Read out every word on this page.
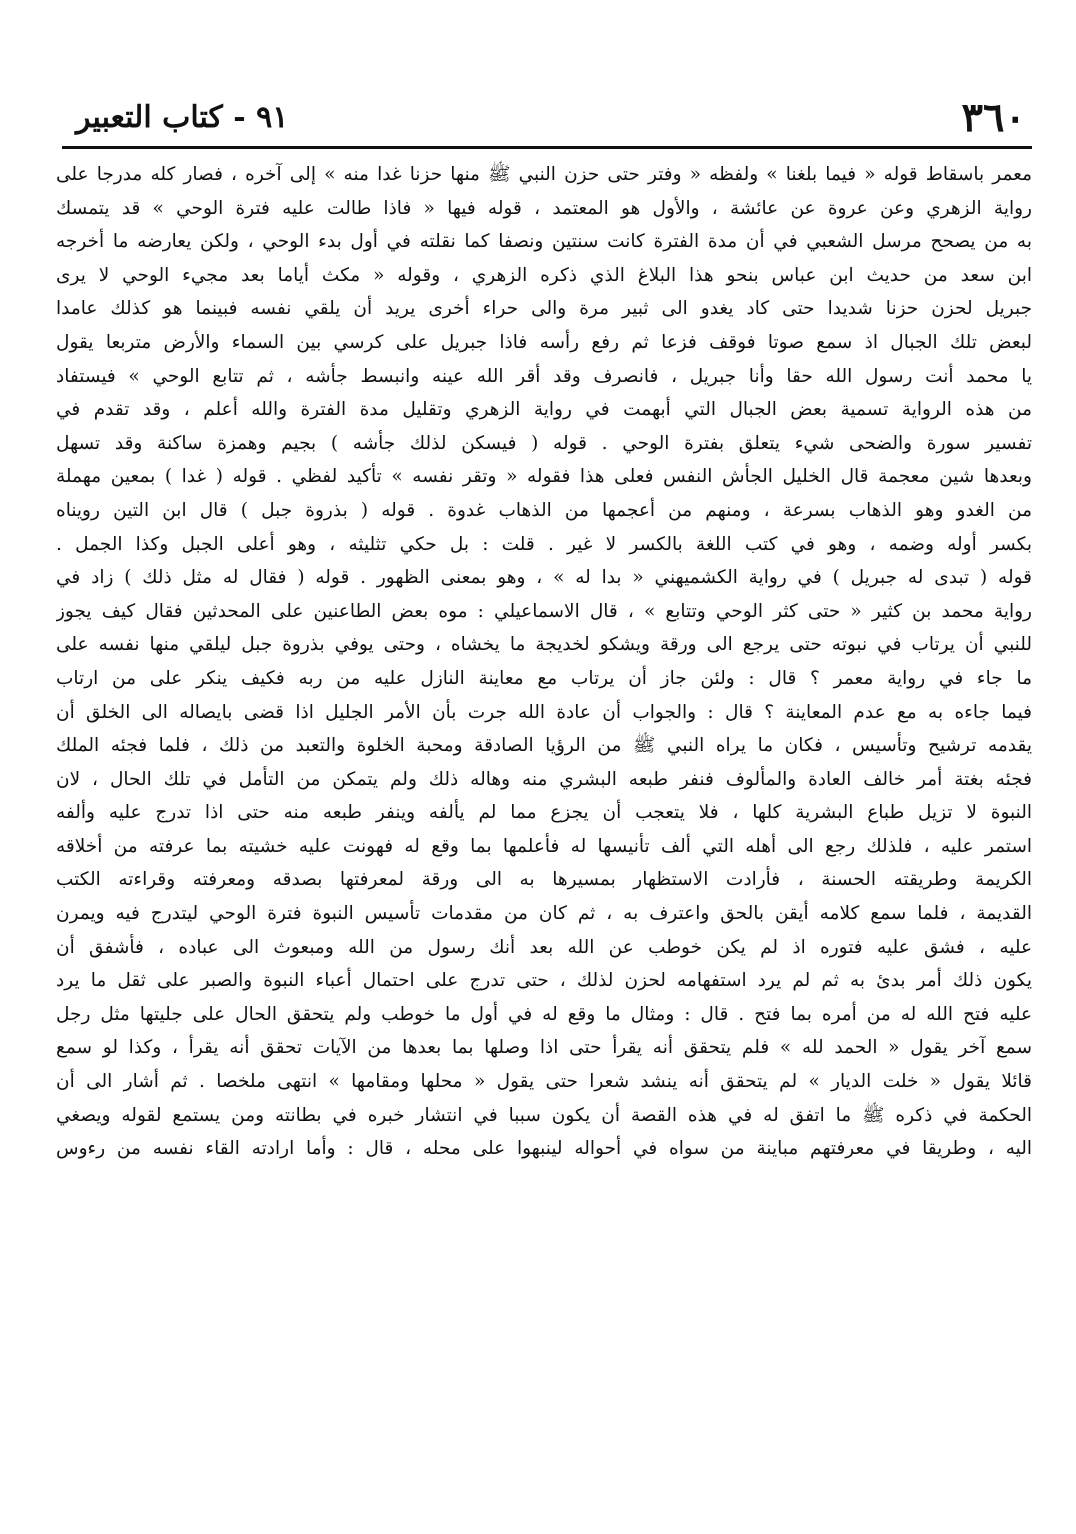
٣٦٠
٩١ - كتاب التعبير
معمر باسقاط قوله « فيما بلغنا » ولفظه « وفتر حتى حزن النبي ﷺ منها حزنا غدا منه » إلى آخره ، فصار كله مدرجا على
رواية الزهري وعن عروة عن عائشة ، والأول هو المعتمد ، قوله فيها « فاذا طالت عليه فترة الوحي » قد يتمسك
به من يصحح مرسل الشعبي في أن مدة الفترة كانت سنتين ونصفا كما نقلته في أول بدء الوحي ، ولكن يعارضه ما أخرجه
ابن سعد من حديث ابن عباس بنحو هذا البلاغ الذي ذكره الزهري ، وقوله « مكث أياما بعد مجيء الوحي لا يرى
جبريل لحزن حزنا شديدا حتى كاد يغدو الى ثبير مرة والى حراء أخرى يريد أن يلقي نفسه فبينما هو كذلك عامدا
لبعض تلك الجبال اذ سمع صوتا فوقف فزعا ثم رفع رأسه فاذا جبريل على كرسي بين السماء والأرض متربعا يقول
يا محمد أنت رسول الله حقا وأنا جبريل ، فانصرف وقد أقر الله عينه وانبسط جأشه ، ثم تتابع الوحي » فيستفاد
من هذه الرواية تسمية بعض الجبال التي أبهمت في رواية الزهري وتقليل مدة الفترة والله أعلم ، وقد تقدم في
تفسير سورة والضحى شيء يتعلق بفترة الوحي . قوله ( فيسكن لذلك جأشه ) بجيم وهمزة ساكنة وقد تسهل
وبعدها شين معجمة قال الخليل الجأش النفس فعلى هذا فقوله « وتقر نفسه » تأكيد لفظي . قوله ( غدا ) بمعين مهملة
من الغدو وهو الذهاب بسرعة ، ومنهم من أعجمها من الذهاب غدوة . قوله ( بذروة جبل ) قال ابن التين رويناه
بكسر أوله وضمه ، وهو في كتب اللغة بالكسر لا غير . قلت : بل حكي تثليثه ، وهو أعلى الجبل وكذا الجمل .
قوله ( تبدى له جبريل ) في رواية الكشميهني « بدا له » ، وهو بمعنى الظهور . قوله ( فقال له مثل ذلك ) زاد في
رواية محمد بن كثير « حتى كثر الوحي وتتابع » ، قال الاسماعيلي : موه بعض الطاعنين على المحدثين فقال كيف يجوز
للنبي أن يرتاب في نبوته حتى يرجع الى ورقة ويشكو لخديجة ما يخشاه ، وحتى يوفي بذروة جبل ليلقي منها نفسه على
ما جاء في رواية معمر ؟ قال : ولئن جاز أن يرتاب مع معاينة النازل عليه من ربه فكيف ينكر على من ارتاب
فيما جاءه به مع عدم المعاينة ؟ قال : والجواب أن عادة الله جرت بأن الأمر الجليل اذا قضى بايصاله الى الخلق أن
يقدمه ترشيح وتأسيس ، فكان ما يراه النبي ﷺ من الرؤيا الصادقة ومحبة الخلوة والتعبد من ذلك ، فلما فجئه الملك
فجئه بغتة أمر خالف العادة والمألوف فنفر طبعه البشري منه وهاله ذلك ولم يتمكن من التأمل في تلك الحال ، لان
النبوة لا تزيل طباع البشرية كلها ، فلا يتعجب أن يجزع مما لم يألفه وينفر طبعه منه حتى اذا تدرج عليه وألفه
استمر عليه ، فلذلك رجع الى أهله التي ألف تأنيسها له فأعلمها بما وقع له فهونت عليه خشيته بما عرفته من أخلاقه
الكريمة وطريقته الحسنة ، فأرادت الاستظهار بمسيرها به الى ورقة لمعرفتها بصدقه ومعرفته وقراءته الكتب
القديمة ، فلما سمع كلامه أيقن بالحق واعترف به ، ثم كان من مقدمات تأسيس النبوة فترة الوحي ليتدرج فيه ويمرن
عليه ، فشق عليه فتوره اذ لم يكن خوطب عن الله بعد أنك رسول من الله ومبعوث الى عباده ، فأشفق أن
يكون ذلك أمر بدئ به ثم لم يرد استفهامه لحزن لذلك ، حتى تدرج على احتمال أعباء النبوة والصبر على ثقل ما يرد
عليه فتح الله له من أمره بما فتح . قال : ومثال ما وقع له في أول ما خوطب ولم يتحقق الحال على جليتها مثل رجل
سمع آخر يقول « الحمد لله » فلم يتحقق أنه يقرأ حتى اذا وصلها بما بعدها من الآيات تحقق أنه يقرأ ، وكذا لو سمع
قائلا يقول « خلت الديار » لم يتحقق أنه ينشد شعرا حتى يقول « محلها ومقامها » انتهى ملخصا . ثم أشار الى أن
الحكمة في ذكره ﷺ ما اتفق له في هذه القصة أن يكون سببا في انتشار خبره في بطانته ومن يستمع لقوله ويصغي
اليه ، وطريقا في معرفتهم مباينة من سواه في أحواله لينبهوا على محله ، قال : وأما ارادته القاء نفسه من رءوس
